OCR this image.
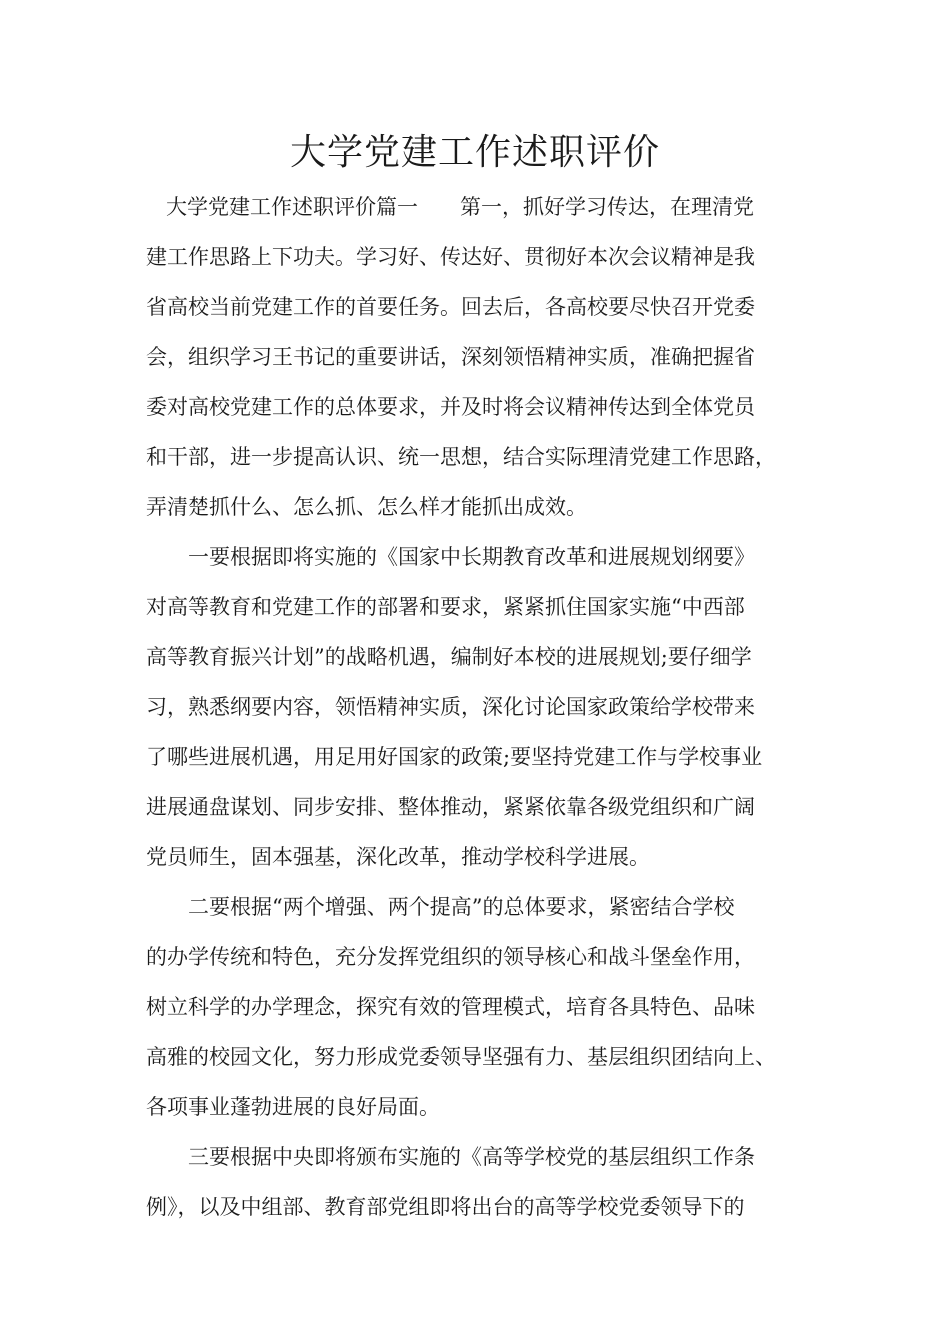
大学党建工作述职评价
大学党建工作述职评价篇一 第一，抓好学习传达，在理清党
建工作思路上下功夫。学习好、传达好、贯彻好本次会议精神是我
省高校当前党建工作的首要任务。回去后，各高校要尽快召开党委
会，组织学习王书记的重要讲话，深刻领悟精神实质，准确把握省
委对高校党建工作的总体要求，并及时将会议精神传达到全体党员
和干部，进一步提高认识、统一思想，结合实际理清党建工作思路，
弄清楚抓什么、怎么抓、怎么样才能抓出成效。
一要根据即将实施的《国家中长期教育改革和进展规划纲要》
对高等教育和党建工作的部署和要求，紧紧抓住国家实施“中西部
高等教育振兴计划”的战略机遇，编制好本校的进展规划;要仔细学
习，熟悉纲要内容，领悟精神实质，深化讨论国家政策给学校带来
了哪些进展机遇，用足用好国家的政策;要坚持党建工作与学校事业
进展通盘谋划、同步安排、整体推动，紧紧依靠各级党组织和广阔
党员师生，固本强基，深化改革，推动学校科学进展。
二要根据“两个增强、两个提高”的总体要求，紧密结合学校
的办学传统和特色，充分发挥党组织的领导核心和战斗堡垒作用，
树立科学的办学理念，探究有效的管理模式，培育各具特色、品味
高雅的校园文化，努力形成党委领导坚强有力、基层组织团结向上、
各项事业蓬勃进展的良好局面。
三要根据中央即将颁布实施的《高等学校党的基层组织工作条
例》，以及中组部、教育部党组即将出台的高等学校党委领导下的
